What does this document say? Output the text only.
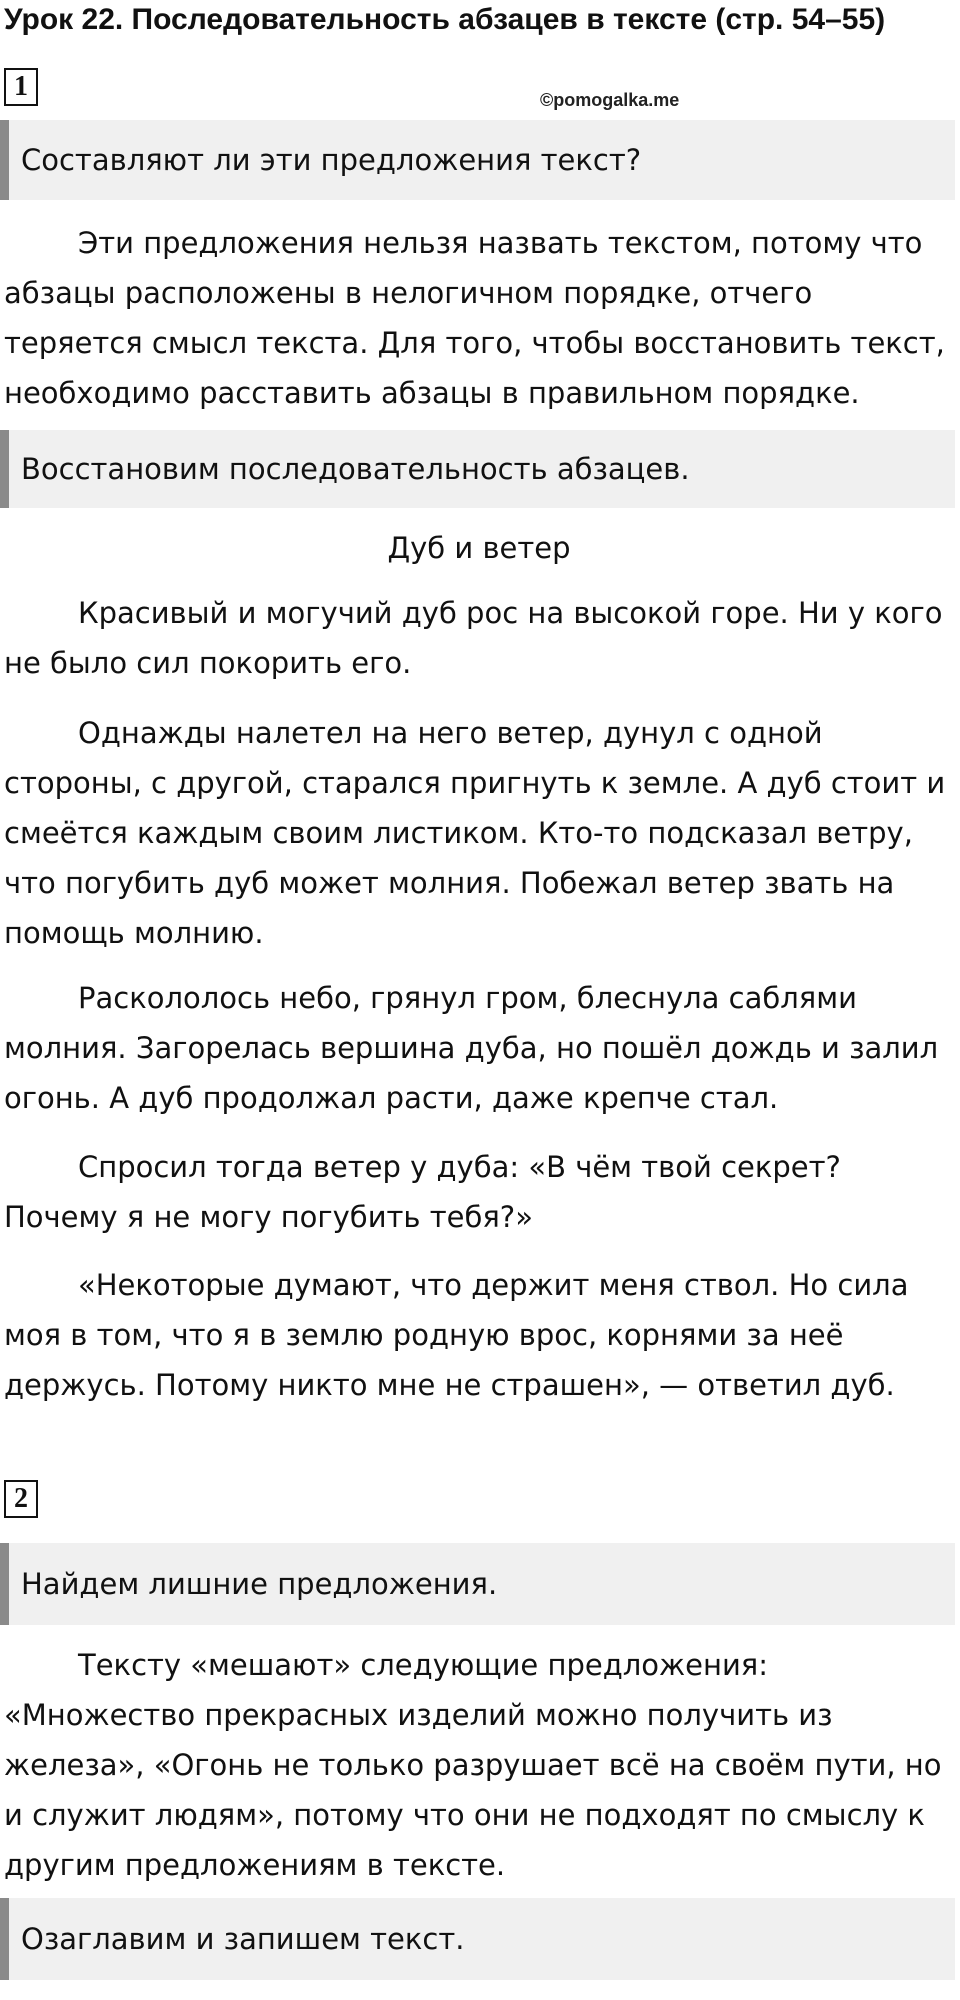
Урок 22. Последовательность абзацев в тексте (стр. 54–55)
1	©pomogalka.me
Составляют ли эти предложения текст?

Эти предложения нельзя назвать текстом, потому что абзацы расположены в нелогичном порядке, отчего теряется смысл текста. Для того, чтобы восстановить текст, необходимо расставить абзацы в правильном порядке.

Восстановим последовательность абзацев.
Дуб и ветер

Красивый и могучий дуб рос на высокой горе. Ни у кого не было сил покорить его.

Однажды налетел на него ветер, дунул с одной стороны, с другой, старался пригнуть к земле. А дуб стоит и смеётся каждым своим листиком. Кто-то подсказал ветру, что погубить дуб может молния. Побежал ветер звать на помощь молнию.

Раскололось небо, грянул гром, блеснула саблями молния. Загорелась вершина дуба, но пошёл дождь и залил огонь. А дуб продолжал расти, даже крепче стал.

Спросил тогда ветер у дуба: «В чём твой секрет? Почему я не могу погубить тебя?»

«Некоторые думают, что держит меня ствол. Но сила моя в том, что я в землю родную врос, корнями за неё держусь. Потому никто мне не страшен», — ответил дуб.

2
Найдем лишние предложения.

Тексту «мешают» следующие предложения: «Множество прекрасных изделий можно получить из железа», «Огонь не только разрушает всё на своём пути, но и служит людям», потому что они не подходят по смыслу к другим предложениям в тексте.

Озаглавим и запишем текст.
